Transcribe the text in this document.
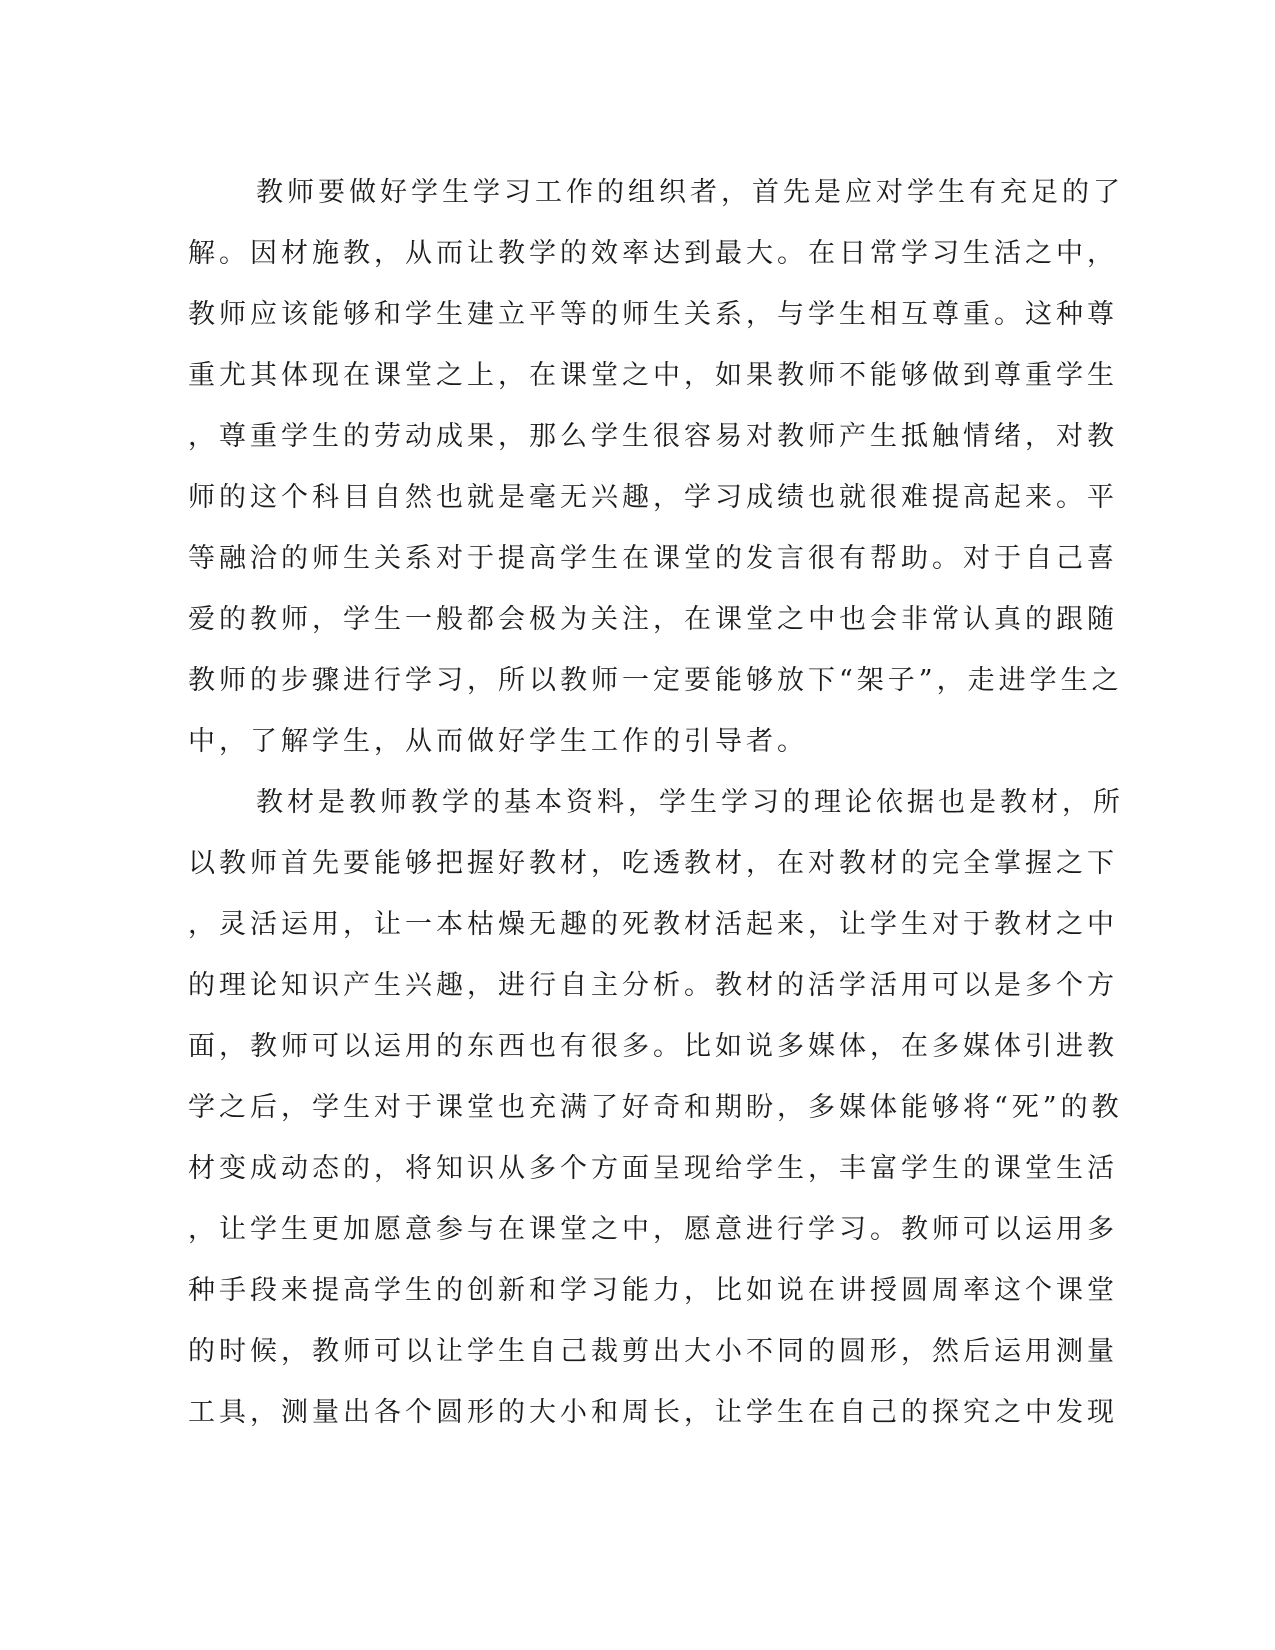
教师要做好学生学习工作的组织者，首先是应对学生有充足的了
解。因材施教，从而让教学的效率达到最大。在日常学习生活之中，
教师应该能够和学生建立平等的师生关系，与学生相互尊重。这种尊
重尤其体现在课堂之上，在课堂之中，如果教师不能够做到尊重学生
，尊重学生的劳动成果，那么学生很容易对教师产生抵触情绪，对教
师的这个科目自然也就是毫无兴趣，学习成绩也就很难提高起来。平
等融洽的师生关系对于提高学生在课堂的发言很有帮助。对于自己喜
爱的教师，学生一般都会极为关注，在课堂之中也会非常认真的跟随
教师的步骤进行学习，所以教师一定要能够放下“架子”，走进学生之
中，了解学生，从而做好学生工作的引导者。
教材是教师教学的基本资料，学生学习的理论依据也是教材，所
以教师首先要能够把握好教材，吃透教材，在对教材的完全掌握之下
，灵活运用，让一本枯燥无趣的死教材活起来，让学生对于教材之中
的理论知识产生兴趣，进行自主分析。教材的活学活用可以是多个方
面，教师可以运用的东西也有很多。比如说多媒体，在多媒体引进教
学之后，学生对于课堂也充满了好奇和期盼，多媒体能够将“死”的教
材变成动态的，将知识从多个方面呈现给学生，丰富学生的课堂生活
，让学生更加愿意参与在课堂之中，愿意进行学习。教师可以运用多
种手段来提高学生的创新和学习能力，比如说在讲授圆周率这个课堂
的时候，教师可以让学生自己裁剪出大小不同的圆形，然后运用测量
工具，测量出各个圆形的大小和周长，让学生在自己的探究之中发现
